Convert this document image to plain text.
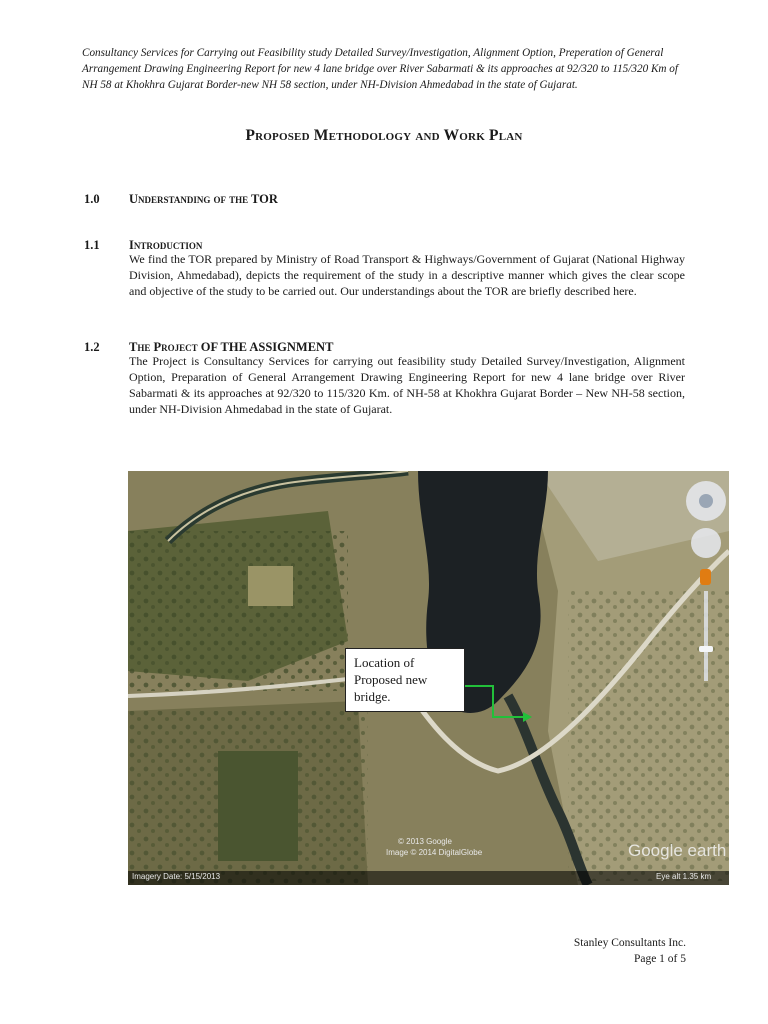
Consultancy Services for Carrying out Feasibility study Detailed Survey/Investigation, Alignment Option, Preperation of General Arrangement Drawing Engineering Report for new 4 lane bridge over River Sabarmati & its approaches at 92/320 to 115/320 Km of NH 58 at Khokhra Gujarat Border-new NH 58 section, under NH-Division Ahmedabad in the state of Gujarat.
Proposed Methodology and Work Plan
1.0 Understanding of the TOR
1.1 Introduction
We find the TOR prepared by Ministry of Road Transport & Highways/Government of Gujarat (National Highway Division, Ahmedabad), depicts the requirement of the study in a descriptive manner which gives the clear scope and objective of the study to be carried out. Our understandings about the TOR are briefly described here.
1.2 The Project OF THE ASSIGNMENT
The Project is Consultancy Services for carrying out feasibility study Detailed Survey/Investigation, Alignment Option, Preparation of General Arrangement Drawing Engineering Report for new 4 lane bridge over River Sabarmati & its approaches at 92/320 to 115/320 Km. of NH-58 at Khokhra Gujarat Border – New NH-58 section, under NH-Division Ahmedabad in the state of Gujarat.
© 2013 Google
Image © 2014 DigitalGlobe	Google earth
Imagery Date: 5/15/2013	Eye alt 1.35 km
Location of Proposed new bridge.
Stanley Consultants Inc.
Page 1 of 5
